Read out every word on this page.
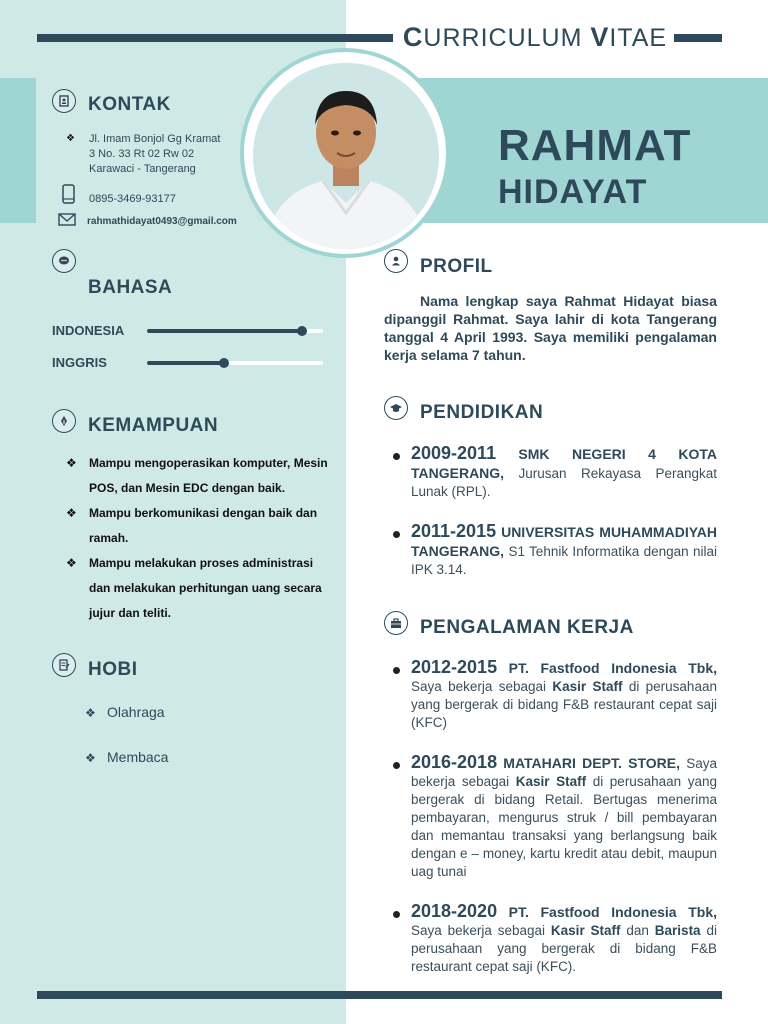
CURRICULUM VITAE
RAHMAT
HIDAYAT
KONTAK
❖ Jl. Imam Bonjol Gg Kramat
3 No. 33 Rt 02 Rw 02
Karawaci - Tangerang
0895-3469-93177
rahmathidayat0493@gmail.com
BAHASA
INDONESIA
INGGRIS
KEMAMPUAN
❖	Mampu mengoperasikan komputer, Mesin
POS, dan Mesin EDC dengan baik.
❖	Mampu berkomunikasi dengan baik dan
ramah.
❖	Mampu melakukan proses administrasi
dan melakukan perhitungan uang secara
jujur dan teliti.
HOBI
❖ Olahraga
❖ Membaca
PROFIL
Nama lengkap saya Rahmat Hidayat biasa dipanggil Rahmat. Saya lahir di kota Tangerang tanggal 4 April 1993. Saya memiliki pengalaman kerja selama 7 tahun.
PENDIDIKAN
2009-2011 SMK NEGERI 4 KOTA TANGERANG, Jurusan Rekayasa Perangkat Lunak (RPL).
2011-2015 UNIVERSITAS MUHAMMADIYAH TANGERANG, S1 Tehnik Informatika dengan nilai IPK 3.14.
PENGALAMAN KERJA
2012-2015 PT. Fastfood Indonesia Tbk, Saya bekerja sebagai Kasir Staff di perusahaan yang bergerak di bidang F&B restaurant cepat saji (KFC)
2016-2018 MATAHARI DEPT. STORE, Saya bekerja sebagai Kasir Staff di perusahaan yang bergerak di bidang Retail. Bertugas menerima pembayaran, mengurus struk / bill pembayaran dan memantau transaksi yang berlangsung baik dengan e – money, kartu kredit atau debit, maupun uag tunai
2018-2020 PT. Fastfood Indonesia Tbk, Saya bekerja sebagai Kasir Staff dan Barista di perusahaan yang bergerak di bidang F&B restaurant cepat saji (KFC).
